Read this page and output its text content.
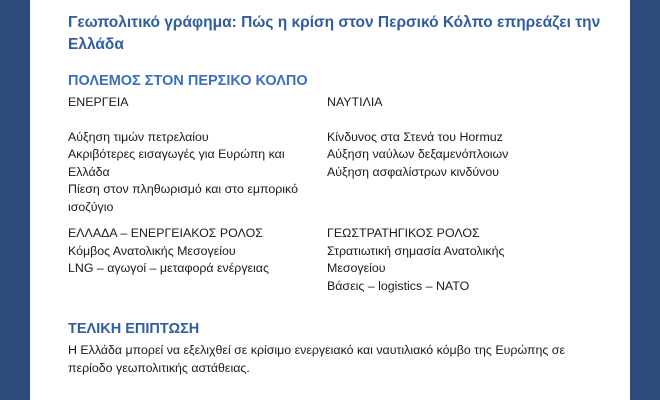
Γεωπολιτικό γράφημα: Πώς η κρίση στον Περσικό Κόλπο επηρεάζει την Ελλάδα
ΠΟΛΕΜΟΣ ΣΤΟΝ ΠΕΡΣΙΚΟ ΚΟΛΠΟ
ΕΝΕΡΓΕΙΑ
Αύξηση τιμών πετρελαίου
Ακριβότερες εισαγωγές για Ευρώπη και
Ελλάδα
Πίεση στον πληθωρισμό και στο εμπορικό
ισοζύγιο
ΝΑΥΤΙΛΙΑ
Κίνδυνος στα Στενά του Hormuz
Αύξηση ναύλων δεξαμενόπλοιων
Αύξηση ασφαλίστρων κινδύνου
ΕΛΛΑΔΑ – ΕΝΕΡΓΕΙΑΚΟΣ ΡΟΛΟΣ
Κόμβος Ανατολικής Μεσογείου
LNG – αγωγοί – μεταφορά ενέργειας
ΓΕΩΣΤΡΑΤΗΓΙΚΟΣ ΡΟΛΟΣ
Στρατιωτική σημασία Ανατολικής
Μεσογείου
Βάσεις – logistics – ΝΑΤΟ
ΤΕΛΙΚΗ ΕΠΙΠΤΩΣΗ

Η Ελλάδα μπορεί να εξελιχθεί σε κρίσιμο ενεργειακό και ναυτιλιακό κόμβο της Ευρώπης σε
περίοδο γεωπολιτικής αστάθειας.
